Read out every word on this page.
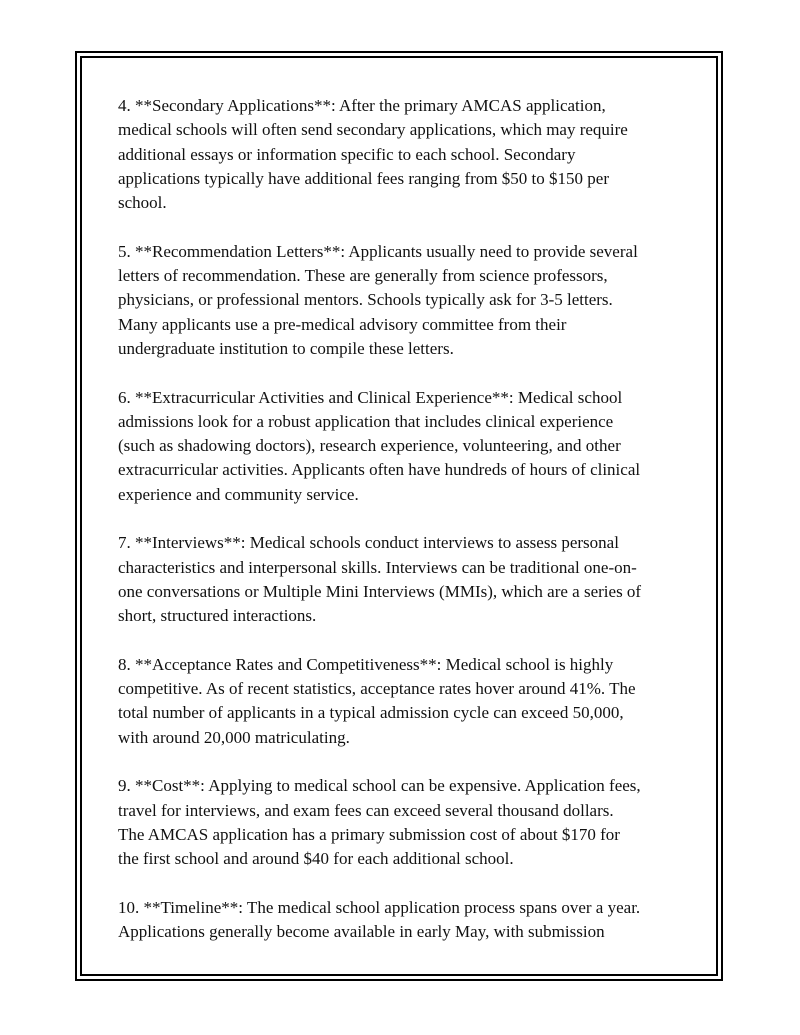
4. **Secondary Applications**: After the primary AMCAS application,
medical schools will often send secondary applications, which may require
additional essays or information specific to each school. Secondary
applications typically have additional fees ranging from $50 to $150 per
school.

5. **Recommendation Letters**: Applicants usually need to provide several
letters of recommendation. These are generally from science professors,
physicians, or professional mentors. Schools typically ask for 3-5 letters.
Many applicants use a pre-medical advisory committee from their
undergraduate institution to compile these letters.

6. **Extracurricular Activities and Clinical Experience**: Medical school
admissions look for a robust application that includes clinical experience
(such as shadowing doctors), research experience, volunteering, and other
extracurricular activities. Applicants often have hundreds of hours of clinical
experience and community service.

7. **Interviews**: Medical schools conduct interviews to assess personal
characteristics and interpersonal skills. Interviews can be traditional one-on-
one conversations or Multiple Mini Interviews (MMIs), which are a series of
short, structured interactions.

8. **Acceptance Rates and Competitiveness**: Medical school is highly
competitive. As of recent statistics, acceptance rates hover around 41%. The
total number of applicants in a typical admission cycle can exceed 50,000,
with around 20,000 matriculating.

9. **Cost**: Applying to medical school can be expensive. Application fees,
travel for interviews, and exam fees can exceed several thousand dollars.
The AMCAS application has a primary submission cost of about $170 for
the first school and around $40 for each additional school.

10. **Timeline**: The medical school application process spans over a year.
Applications generally become available in early May, with submission
